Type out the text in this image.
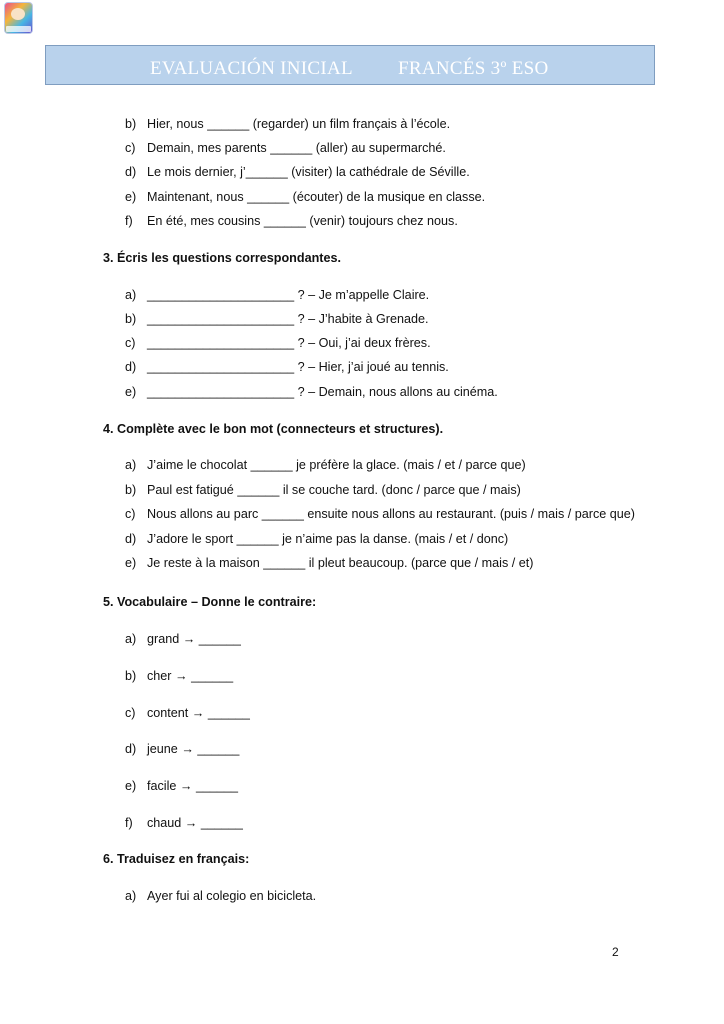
EVALUACIÓN INICIAL FRANCÉS 3º ESO
b) Hier, nous ______ (regarder) un film français à l’école.
c) Demain, mes parents ______ (aller) au supermarché.
d) Le mois dernier, j’______ (visiter) la cathédrale de Séville.
e) Maintenant, nous ______ (écouter) de la musique en classe.
f) En été, mes cousins ______ (venir) toujours chez nous.
3. Écris les questions correspondantes.
a) _____________________ ? – Je m’appelle Claire.
b) _____________________ ? – J’habite à Grenade.
c) _____________________ ? – Oui, j’ai deux frères.
d) _____________________ ? – Hier, j’ai joué au tennis.
e) _____________________ ? – Demain, nous allons au cinéma.
4. Complète avec le bon mot (connecteurs et structures).
a) J’aime le chocolat ______ je préfère la glace. (mais / et / parce que)
b) Paul est fatigué ______ il se couche tard. (donc / parce que / mais)
c) Nous allons au parc ______ ensuite nous allons au restaurant. (puis / mais / parce que)
d) J’adore le sport ______ je n’aime pas la danse. (mais / et / donc)
e) Je reste à la maison ______ il pleut beaucoup. (parce que / mais / et)
5. Vocabulaire – Donne le contraire:
a) grand → ______
b) cher → ______
c) content → ______
d) jeune → ______
e) facile → ______
f) chaud → ______
6. Traduisez en français:
a) Ayer fui al colegio en bicicleta.
2
